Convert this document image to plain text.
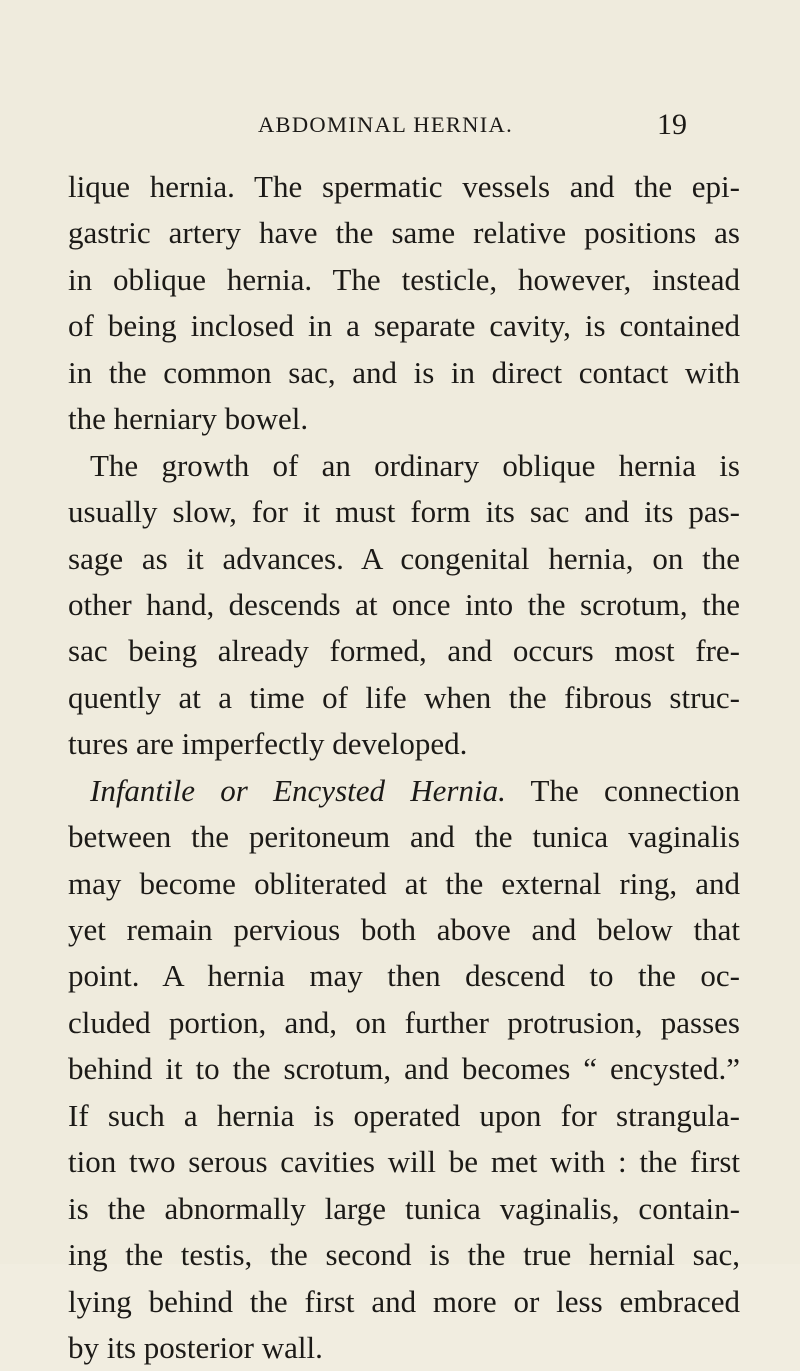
ABDOMINAL HERNIA.	19
lique hernia. The spermatic vessels and the epi-
gastric artery have the same relative positions as
in oblique hernia. The testicle, however, instead
of being inclosed in a separate cavity, is contained
in the common sac, and is in direct contact with
the herniary bowel.
The growth of an ordinary oblique hernia is
usually slow, for it must form its sac and its pas-
sage as it advances. A congenital hernia, on the
other hand, descends at once into the scrotum, the
sac being already formed, and occurs most fre-
quently at a time of life when the fibrous struc-
tures are imperfectly developed.
Infantile or Encysted Hernia. The connection
between the peritoneum and the tunica vaginalis
may become obliterated at the external ring, and
yet remain pervious both above and below that
point. A hernia may then descend to the oc-
cluded portion, and, on further protrusion, passes
behind it to the scrotum, and becomes “ encysted.”
If such a hernia is operated upon for strangula-
tion two serous cavities will be met with : the first
is the abnormally large tunica vaginalis, contain-
ing the testis, the second is the true hernial sac,
lying behind the first and more or less embraced
by its posterior wall.
